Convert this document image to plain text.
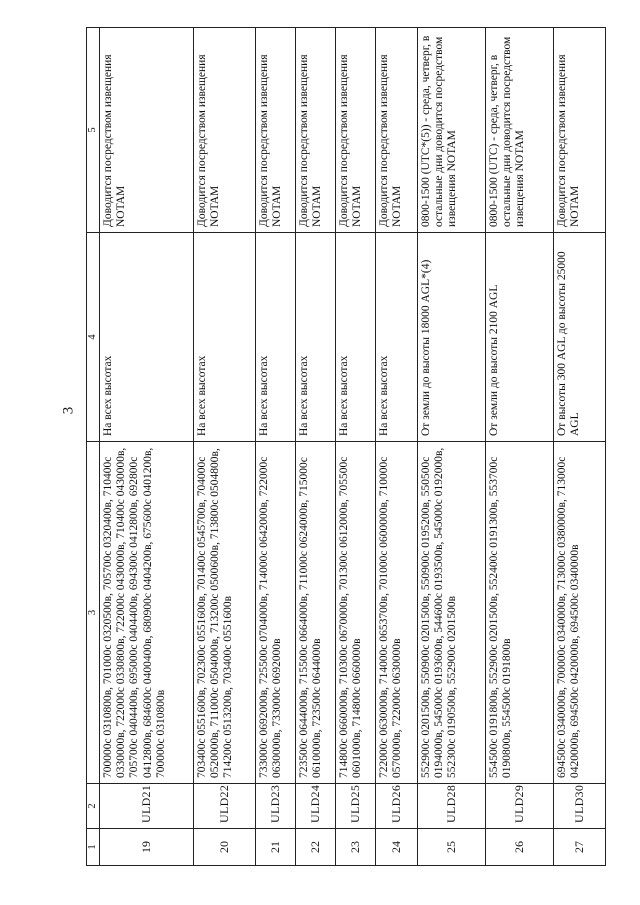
3
1	2	3	4	5
19	ULD21	700000с 0310800в, 701000с 0320500в, 705700с 0320400в, 710400с 0330000в, 722000с 0330800в, 722000с 0430000в, 710400с 0430000в, 705700с 0404400в, 695000с 0404400в, 694300с 0412800в, 692800с 0412800в, 684600с 0400400в, 680900с 0404200в, 675600с 0401200в, 700000с 0310800в	На всех высотах	Доводится посредством извещения NOTAM
20	ULD22	703400с 0551600в, 702300с 0551600в, 701400с 0545700в, 704000с 0520000в, 711000с 0504000в, 713200с 0500600в, 713800с 0504800в, 714200с 0513200в, 703400с 0551600в	На всех высотах	Доводится посредством извещения NOTAM
21	ULD23	733000с 0692000в, 725500с 0704000в, 714000с 0642000в, 722000с 0630000в, 733000с 0692000в	На всех высотах	Доводится посредством извещения NOTAM
22	ULD24	723500с 0644000в, 715500с 0664000в, 711000с 0624000в, 715000с 0610000в, 723500с 0644000в	На всех высотах	Доводится посредством извещения NOTAM
23	ULD25	714800с 0660000в, 710300с 0670000в, 701300с 0612000в, 705500с 0601000в, 714800с 0660000в	На всех высотах	Доводится посредством извещения NOTAM
24	ULD26	722000с 0630000в, 714000с 0653700в, 701000с 0600000в, 710000с 0570000в, 722000с 0630000в	На всех высотах	Доводится посредством извещения NOTAM
25	ULD28	552900с 0201500в, 550900с 0201500в, 550900с 0195200в, 550500с 0194000в, 545000с 0193600в, 544600с 0193500в, 545000с 0192000в, 552300с 0190500в, 552900с 0201500в	От земли до высоты 18000 AGL*(4)	0800-1500 (UTC*(5)) - среда, четверг, в остальные дни доводится посредством извещения NOTAM
26	ULD29	554500с 0191800в, 552900с 0201500в, 552400с 0191300в, 553700с 0190800в, 554500с 0191800в	От земли до высоты 2100 AGL	0800-1500 (UTC) - среда, четверг, в остальные дни доводится посредством извещения NOTAM
27	ULD30	694500с 0340000в, 700000с 0340000в, 713000с 0380000в, 713000с 0420000в, 694500с 0420000в, 694500с 0340000в	От высоты 300 AGL до высоты 25000 AGL	Доводится посредством извещения NOTAM
